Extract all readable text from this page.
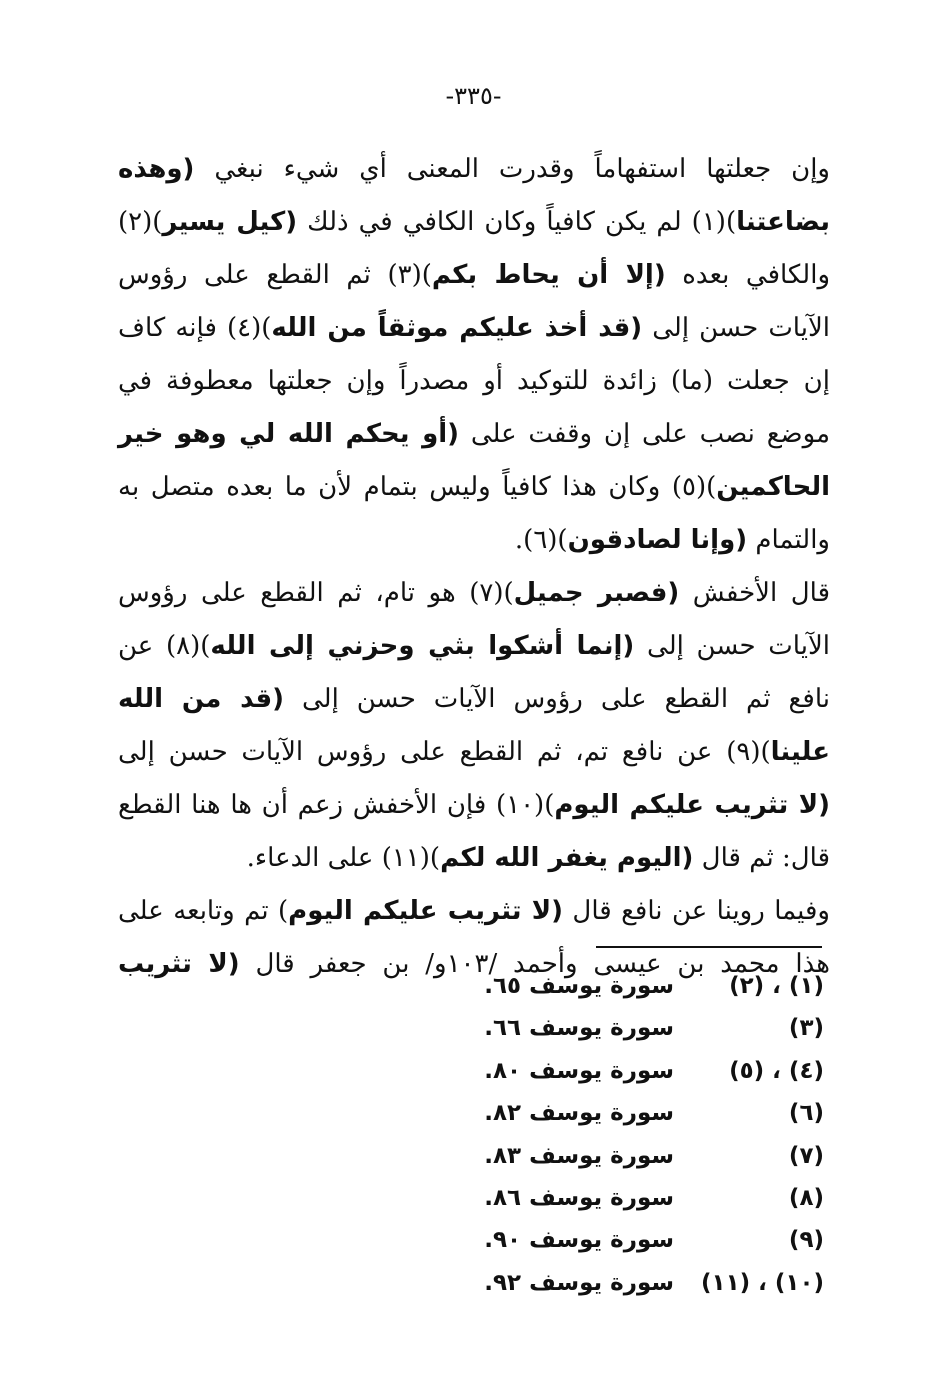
-٣٣٥-
وإن جعلتها استفهاماً وقدرت المعنى أي شيء نبغي (وهذه
بضاعتنا)(١) لم يكن كافياً وكان الكافي في ذلك (كيل يسير)(٢)
والكافي بعده (إلا أن يحاط بكم)(٣) ثم القطع على رؤوس
الآيات حسن إلى (قد أخذ عليكم موثقاً من الله)(٤) فإنه كاف
إن جعلت (ما) زائدة للتوكيد أو مصدراً وإن جعلتها معطوفة في
موضع نصب على إن وقفت على (أو يحكم الله لي وهو خير
الحاكمين)(٥) وكان هذا كافياً وليس بتمام لأن ما بعده متصل به
والتمام (وإنا لصادقون)(٦).
قال الأخفش (فصبر جميل)(٧) هو تام، ثم القطع على رؤوس
الآيات حسن إلى (إنما أشكوا بثي وحزني إلى الله)(٨) عن
نافع ثم القطع على رؤوس الآيات حسن إلى (قد من الله
علينا)(٩) عن نافع تم، ثم القطع على رؤوس الآيات حسن إلى
(لا تثريب عليكم اليوم)(١٠) فإن الأخفش زعم أن ها هنا القطع
قال: ثم قال (اليوم يغفر الله لكم)(١١) على الدعاء.
وفيما روينا عن نافع قال (لا تثريب عليكم اليوم) تم وتابعه على
هذا محمد بن عيسى وأحمد /١٠٣و/ بن جعفر قال (لا تثريب
(١) ، (٢)
سورة يوسف ٦٥.
(٣)
سورة يوسف ٦٦.
(٤) ، (٥)
سورة يوسف ٨٠.
(٦)
سورة يوسف ٨٢.
(٧)
سورة يوسف ٨٣.
(٨)
سورة يوسف ٨٦.
(٩)
سورة يوسف ٩٠.
(١٠) ، (١١)
سورة يوسف ٩٢.
